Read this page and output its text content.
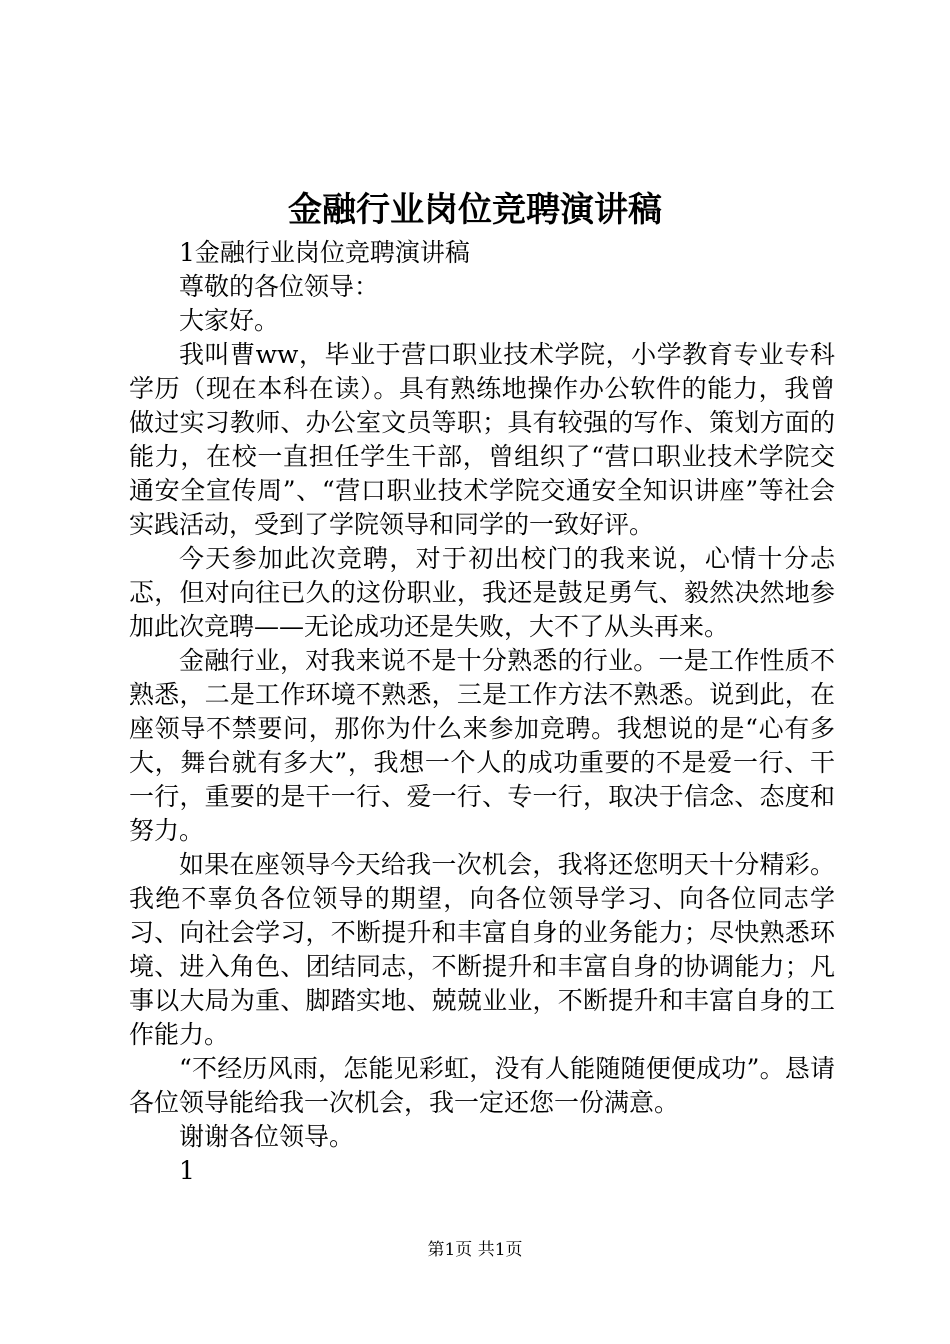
金融行业岗位竞聘演讲稿

1金融行业岗位竞聘演讲稿

尊敬的各位领导：

大家好。

我叫曹ww，毕业于营口职业技术学院，小学教育专业专科学历（现在本科在读）。具有熟练地操作办公软件的能力，我曾做过实习教师、办公室文员等职；具有较强的写作、策划方面的能力，在校一直担任学生干部，曾组织了“营口职业技术学院交通安全宣传周”、“营口职业技术学院交通安全知识讲座”等社会实践活动，受到了学院领导和同学的一致好评。

今天参加此次竞聘，对于初出校门的我来说，心情十分忐忑，但对向往已久的这份职业，我还是鼓足勇气、毅然决然地参加此次竞聘——无论成功还是失败，大不了从头再来。

金融行业，对我来说不是十分熟悉的行业。一是工作性质不熟悉，二是工作环境不熟悉，三是工作方法不熟悉。说到此，在座领导不禁要问，那你为什么来参加竞聘。我想说的是“心有多大，舞台就有多大”，我想一个人的成功重要的不是爱一行、干一行，重要的是干一行、爱一行、专一行，取决于信念、态度和努力。

如果在座领导今天给我一次机会，我将还您明天十分精彩。我绝不辜负各位领导的期望，向各位领导学习、向各位同志学习、向社会学习，不断提升和丰富自身的业务能力；尽快熟悉环境、进入角色、团结同志，不断提升和丰富自身的协调能力；凡事以大局为重、脚踏实地、兢兢业业，不断提升和丰富自身的工作能力。

“不经历风雨，怎能见彩虹，没有人能随随便便成功”。恳请各位领导能给我一次机会，我一定还您一份满意。

谢谢各位领导。

1

第1页 共1页
